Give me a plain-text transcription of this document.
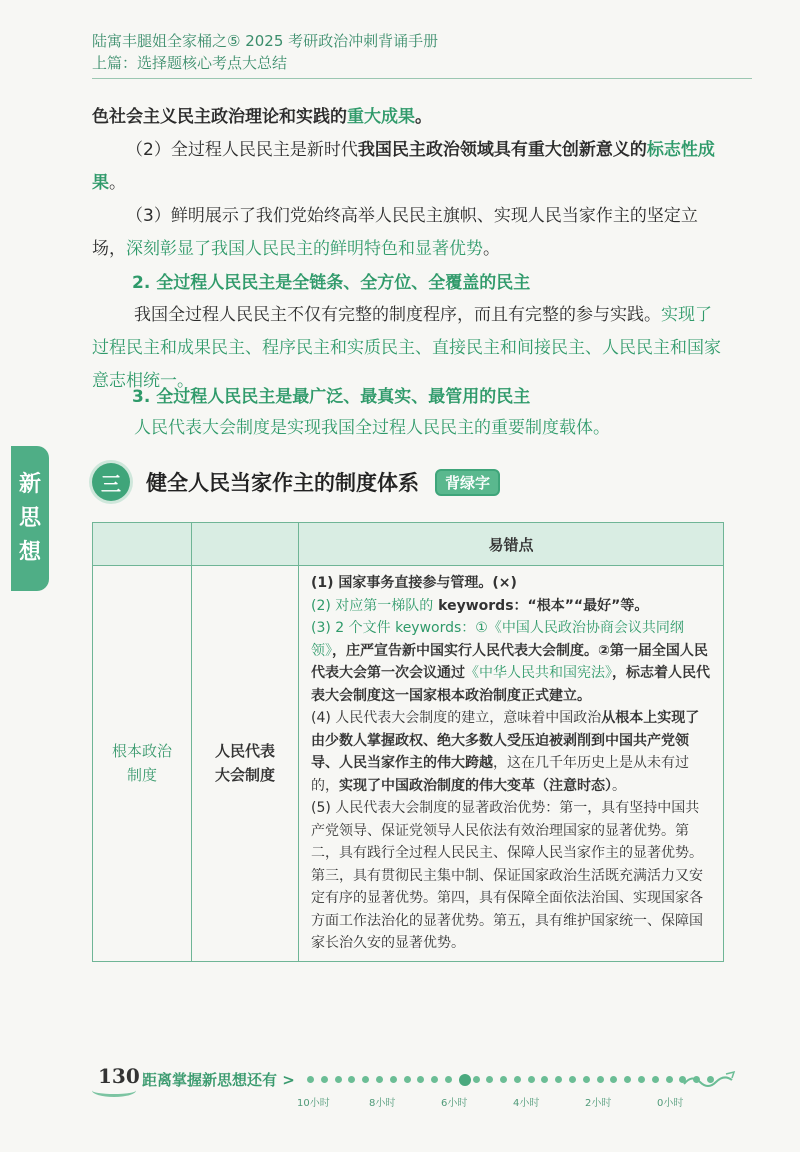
陆寓丰腿姐全家桶之⑤ 2025 考研政治冲刺背诵手册
上篇：选择题核心考点大总结
新
思
想
色社会主义民主政治理论和实践的重大成果。
（2）全过程人民民主是新时代我国民主政治领域具有重大创新意义的标志性成果。
（3）鲜明展示了我们党始终高举人民民主旗帜、实现人民当家作主的坚定立场，深刻彰显了我国人民民主的鲜明特色和显著优势。
2. 全过程人民民主是全链条、全方位、全覆盖的民主
我国全过程人民民主不仅有完整的制度程序，而且有完整的参与实践。实现了过程民主和成果民主、程序民主和实质民主、直接民主和间接民主、人民民主和国家意志相统一。
3. 全过程人民民主是最广泛、最真实、最管用的民主
人民代表大会制度是实现我国全过程人民民主的重要制度载体。
三	健全人民当家作主的制度体系	背绿字
		易错点

根本政治制度	人民代表大会制度	(1) 国家事务直接参与管理。(×)

(2) 对应第一梯队的 keywords：“根本”“最好”等。

(3) 2 个文件 keywords：①《中国人民政治协商会议共同纲领》，庄严宣告新中国实行人民代表大会制度。②第一届全国人民代表大会第一次会议通过《中华人民共和国宪法》，标志着人民代表大会制度这一国家根本政治制度正式建立。

(4) 人民代表大会制度的建立，意味着中国政治从根本上实现了由少数人掌握政权、绝大多数人受压迫被剥削到中国共产党领导、人民当家作主的伟大跨越，这在几千年历史上是从未有过的，实现了中国政治制度的伟大变革（注意时态）。

(5) 人民代表大会制度的显著政治优势：第一，具有坚持中国共产党领导、保证党领导人民依法有效治理国家的显著优势。第二，具有践行全过程人民民主、保障人民当家作主的显著优势。第三，具有贯彻民主集中制、保证国家政治生活既充满活力又安定有序的显著优势。第四，具有保障全面依法治国、实现国家各方面工作法治化的显著优势。第五，具有维护国家统一、保障国家长治久安的显著优势。

130 距离掌握新思想还有 >
10小时	8小时	6小时	4小时	2小时	0小时
